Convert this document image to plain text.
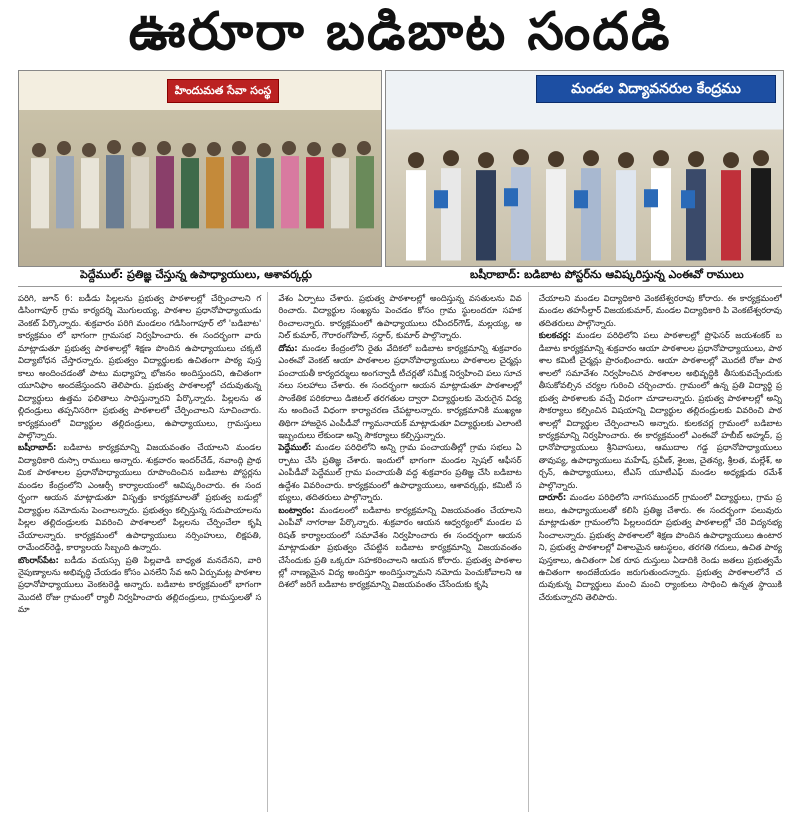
ఊరూరా బడిబాట సందడి
హిందుమత సేవా సంస్థ	మండల విద్యావనరుల కేంద్రము
పెద్దేముల్: ప్రతిజ్ఞ చేస్తున్న ఉపాధ్యాయులు, ఆశావర్కర్లు	బషీరాబాద్: బడిబాట పోస్టర్‌ను ఆవిష్కరిస్తున్న ఎంఈవో రాములు

పరిగి, జూన్ 6: బడీడు పిల్లలను ప్రభుత్వ పాఠశాలల్లో చేర్పించాలని గడిసింగాపూర్ గ్రామ కార్యదర్శి మొగులయ్య, పాఠశాల ప్రధానోపాధ్యాయుడు వెంకట్ పేర్కొన్నారు. శుక్రవారం పరిగి మండలం గడిసింగాపూర్ లో 'బడిబాట' కార్యక్రమం లో భాగంగా గ్రామసభ నిర్వహించారు. ఈ సందర్భంగా వారు మాట్లాడుతూ ప్రభుత్వ పాఠశాలల్లో శిక్షణ పొందిన ఉపాధ్యాయులు చక్కటి విద్యాబోధన చేస్తారన్నారు. ప్రభుత్వం విద్యార్థులకు ఉచితంగా పాఠ్య పుస్తకాలు అందించడంతో పాటు మధ్యాహ్న భోజనం అందిస్తుందని, ఉచితంగా యూనిఫాం అందజేస్తుందని తెలిపారు. ప్రభుత్వ పాఠశాలల్లో చదువుతున్న విద్యార్థులు ఉత్తమ ఫలితాలు సాధిస్తున్నారని పేర్కొన్నారు. పిల్లలను తల్లిదండ్రులు తప్పనిసరిగా ప్రభుత్వ పాఠశాలలో చేర్పించాలని సూచించారు. కార్యక్రమంలో విద్యార్థుల తల్లిదండ్రులు, ఉపాధ్యాయులు, గ్రామస్తులు పాల్గొన్నారు.

బషీరాబాద్: బడిబాట కార్యక్రమాన్ని విజయవంతం చేయాలని మండల విద్యాధికారి దుస్సా రాములు అన్నారు. శుక్రవారం ఇందర్‌చేడ్, నవాంద్గి ప్రాథమిక పాఠశాలల ప్రధానోపాధ్యాయులు రూపొందించిన బడిబాట పోస్టర్లను మండల కేంద్రంలోని ఎంఆర్సీ కార్యాలయంలో ఆవిష్కరించారు. ఈ సందర్భంగా ఆయన మాట్లాడుతూ విసృత్తు కార్యక్రమాలతో ప్రభుత్వ బడుల్లో విద్యార్థుల నమోదును పెంచాలన్నారు. ప్రభుత్వం కల్పిస్తున్న సదుపాయాలను పిల్లల తల్లిదండ్రులకు వివరించి పాఠశాలలో పిల్లలను చేర్పించేలా కృషి చేయాలన్నారు. కార్యక్రమంలో ఉపాధ్యాయులు నర్సింహులు, లిక్షపతి, రామేందర్‌రెడ్డి, కార్యాలయ సిబ్బంది ఉన్నారు.

బొంరాస్‌పేట: బడీడు వయస్సు ప్రతి పిల్లవాడి బాధ్యత మనదేనని, వారి నైపుణ్యాలను అభివృద్ధి చేయడం కోసం ఎనలేని సేవ అని ఏర్పుమట్ల పాఠశాల ప్రధానోపాధ్యాయులు వెంకటరెడ్డి అన్నారు. బడిబాట కార్యక్రమంలో భాగంగా మొదటి రోజు గ్రామంలో ర్యాలీ నిర్వహించారు తల్లిదండ్రులు, గ్రామస్తులతో సమా

వేశం ఏర్పాటు చేశారు. ప్రభుత్వ పాఠశాలల్లో అందిస్తున్న వసతులను వివరించారు. విద్యార్థుల సంఖ్యను పెంచడం కోసం గ్రామ స్థులందరూ సహకరించాలన్నారు. కార్యక్రమంలో ఉపాధ్యాయులు రవీందర్‌గౌడ్, మల్లయ్య, అనిల్ కుమార్, గౌరారంగోపాల్, సర్దార్, కుమార్ పాల్గొన్నారు.

దోమ: మండల కేంద్రంలోని రైతు వేదికలో బడిబాట కార్యక్రమాన్ని శుక్రవారం ఎంఈవో వెంకట్ ఆయా పాఠశాలల ప్రధానోపాధ్యాయులు పాఠశాలల చైర్మన్లు పంచాయతీ కార్యదర్శులు అంగన్వాడీ టీచర్లతో సమీక్ష నిర్వహించి పలు సూచనలు సలహాలు చేశారు. ఈ సందర్భంగా ఆయన మాట్లాడుతూ పాఠశాలల్లో సాంకేతిక పరికరాలు డిజిటల్ తరగతుల ద్వారా విద్యార్థులకు మెరుగైన విద్యను అందించే విధంగా కార్యాచరణ చేపట్టాలన్నారు. కార్యక్రమానికి ముఖ్యఅతిథిగా హాజరైన ఎంపీడీవో గ్యామనాయక్ మాట్లాడుతూ విద్యార్థులకు ఎలాంటి ఇబ్బందులు లేకుండా అన్ని సౌకర్యాలు కల్పిస్తున్నారు.

పెద్దేముల్: మండల పరిధిలోని అన్ని గ్రామ పంచాయతీల్లో గ్రామ సభలు ఏర్పాటు చేసి ప్రతిజ్ఞ చేశారు. ఇందులో భాగంగా మండల స్పెషల్ ఆఫీసర్ ఎంపీడీవో పెద్దేముల్ గ్రామ పంచాయతీ వద్ద శుక్రవారం ప్రతిజ్ఞ చేసి బడిబాట ఉద్దేశం వివరించారు. కార్యక్రమంలో ఉపాధ్యాయులు, ఆశావర్కర్లు, కమిటీ సభ్యులు, తదితరులు పాల్గొన్నారు.

బంట్వారం: మండలంలో బడిబాట కార్యక్రమాన్ని విజయవంతం చేయాలని ఎంపీవో నాగరాజు పేర్కొన్నారు. శుక్రవారం ఆయన ఆధ్వర్యంలో మండల పరిషత్ కార్యాలయంలో సమావేశం నిర్వహించారు ఈ సందర్భంగా ఆయన మాట్లాడుతూ ప్రభుత్వం చేపట్టిన బడిబాట కార్యక్రమాన్ని విజయవంతం చేసేందుకు ప్రతి ఒక్కరూ సహకరించాలని ఆయన కోరారు. ప్రభుత్వ పాఠశాలల్లో నాణ్యమైన విద్య అందిస్తూ అందిస్తున్నామని నమోదు పెంచుకోవాలని ఆ దిశలో జరిగే బడిబాట కార్యక్రమాన్ని విజయవంతం చేసేందుకు కృషి

చేయాలని మండల విద్యాధికారి వెంకటేశ్వరరావు కోరారు. ఈ కార్యక్రమంలో మండల తహసీల్దార్ విజయకుమార్, మండల విద్యాధికారి పి వెంకటేశ్వరరావు తదితరులు పాల్గొన్నారు.

కులకచర్ల: మండల పరిధిలోని పలు పాఠశాలల్లో ప్రొఫెసర్ జయశంకర్ బడిబాట కార్యక్రమాన్ని శుక్రవారం ఆయా పాఠశాలల ప్రధానోపాధ్యాయులు, పాఠశాల కమిటీ చైర్మన్లు ప్రారంభించారు. ఆయా పాఠశాలల్లో మొదటి రోజు పాఠశాలలో సమావేశం నిర్వహించిన పాఠశాలల అభివృద్ధికి తీసుకువచ్చేందుకు తీసుకోవల్సిన చర్యల గురించి చర్చించారు. గ్రామంలో ఉన్న ప్రతి విద్యార్థి ప్రభుత్వ పాఠశాలకు వచ్చే విధంగా చూడాలన్నారు. ప్రభుత్వ పాఠశాలల్లో అన్ని సౌకర్యాలు కల్పించిన విషయాన్ని విద్యార్థుల తల్లిదండ్రులకు వివరించి పాఠశాలల్లో విద్యార్థుల చేర్పించాలని అన్నారు. కులకచర్ల గ్రామంలో బడిబాట కార్యక్రమాన్ని నిర్వహించారు. ఈ కార్యక్రమంలో ఎంఈవో హబీబ్ అహ్మద్, ప్రధానోపాధ్యాయులు శ్రీనివాసులు, ఆముదాల గడ్డ ప్రధానోపాధ్యాయులు తావుప్య, ఉపాధ్యాయులు మహేష్, ప్రవీణ్, శైలజ, చైతన్య, శ్రీలత, మల్లేశ్, అర్చన్, ఉపాధ్యాయులు, టీఎస్ యూటీఎఫ్ మండల అధ్యక్షుడు రమేశ్ పాల్గొన్నారు.

దారూర్: మండల పరిధిలోని నాగసముందర్ గ్రామంలో విద్యార్థులు, గ్రామ ప్రజలు, ఉపాధ్యాయులతో కలిసి ప్రతిజ్ఞ చేశారు. ఈ సందర్భంగా పలువురు మాట్లాడుతూ గ్రామంలోని పిల్లలందరూ ప్రభుత్వ పాఠశాలల్లో చేరి విద్యనభ్యసించాలన్నారు. ప్రభుత్వ పాఠశాలలో శిక్షణ పొందిన ఉపాధ్యాయులు ఉంటారని, ప్రభుత్వ పాఠశాలల్లో విశాలమైన ఆటస్థలం, తరగతి గదులు, ఉచిత పాఠ్యపుస్తకాలు, ఉచితంగా ఏక రూప దుస్తులు ఏడాదికి రెండు జతలు ప్రభుత్వమే ఉచితంగా అందజేయడం జరుగుతుందన్నారు. ప్రభుత్వ పాఠశాలలోనే చదువుకున్న విద్యార్థులు మంచి మంచి ర్యాంకులు సాధించి ఉన్నత స్థాయికి చేరుకున్నారని తెలిపారు.
